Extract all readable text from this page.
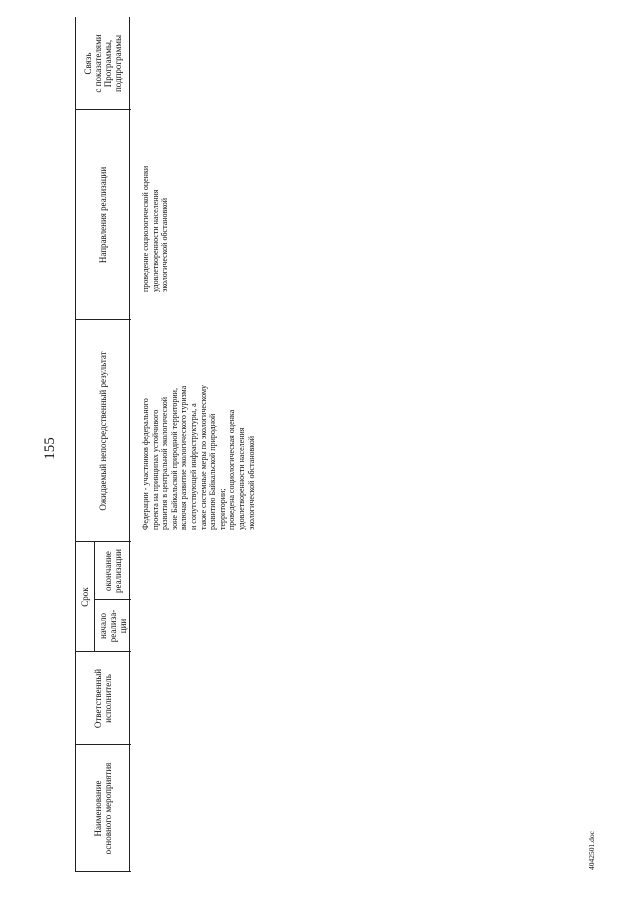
155
4042501.doc
Наименование
основного мероприятия
Ответственный
исполнитель
Срок
начало
реализа-
ции
окончание
реализации
Ожидаемый непосредственный результат
Направления реализации
Связь
с показателями
Программы,
подпрограммы
Федерации - участников федерального
проекта на принципах устойчивого
развития в центральной экологической
зоне Байкальской природной территории,
включая развитие экологического туризма
и сопутствующей инфраструктуры, а
также системные меры по экологическому
развитию Байкальской природной
территории;
проведена социологическая оценка
удовлетворенности населения
экологической обстановкой
проведение социологической оценки
удовлетворенности населения
экологической обстановкой
